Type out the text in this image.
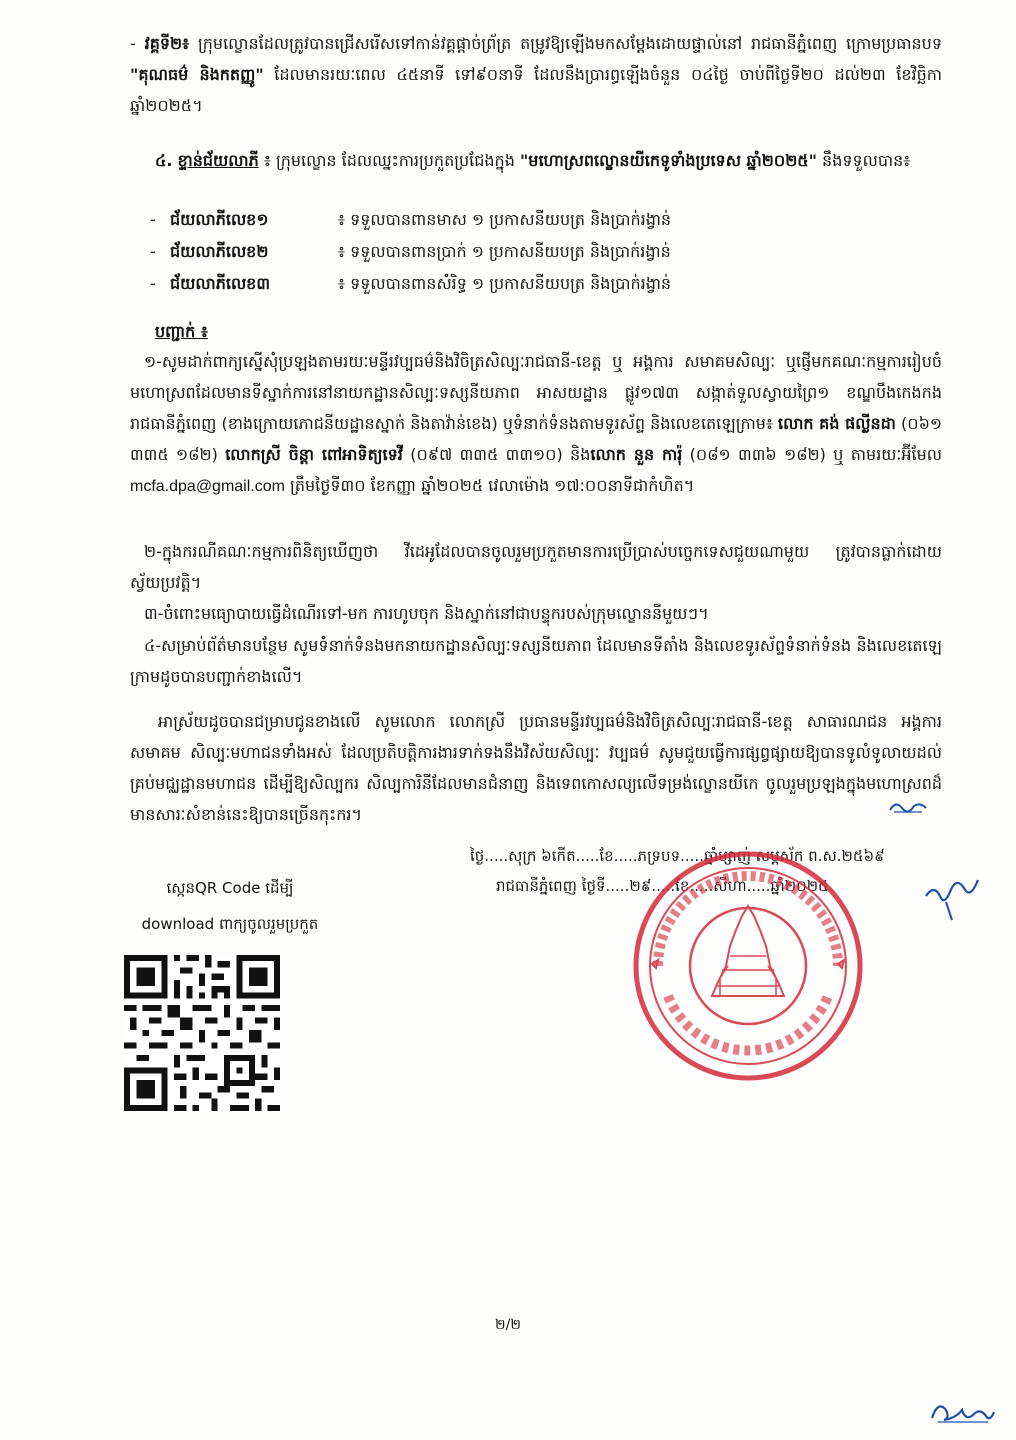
- វគ្គទី២៖ ក្រុមល្ខោនដែលត្រូវបានជ្រើសរើសទៅកាន់វគ្គផ្តាច់ព្រ័ត្រ តម្រូវឱ្យឡើងមកសម្តែងដោយផ្ទាល់នៅ រាជធានីភ្នំពេញ ក្រោមប្រធានបទ "គុណធម៌ និងកតញ្ញូ" ដែលមានរយៈពេល ៤៥នាទី ទៅ៩០នាទី ដែលនឹងប្រារព្ធឡើងចំនួន ០៤ថ្ងៃ ចាប់ពីថ្ងៃទី២០ ដល់២៣ ខែវិច្ឆិកា ឆ្នាំ២០២៥។
៤. ខ្ទាន់ជ័យលាភី ៖ ក្រុមល្ខោន ដែលឈ្នះការប្រកួតប្រជែងក្នុង "មហោស្រពល្ខោនយីកេទូទាំងប្រទេស ឆ្នាំ២០២៥" នឹងទទួលបាន៖
- ជ័យលាភីលេខ១	៖ ទទួលបានពានមាស ១ ប្រកាសនីយបត្រ និងប្រាក់រង្វាន់
- ជ័យលាភីលេខ២	៖ ទទួលបានពានប្រាក់ ១ ប្រកាសនីយបត្រ និងប្រាក់រង្វាន់
- ជ័យលាភីលេខ៣	៖ ទទួលបានពានសំរិទ្ធ ១ ប្រកាសនីយបត្រ និងប្រាក់រង្វាន់
បញ្ជាក់ ៖
១-សូមដាក់ពាក្យស្នើសុំប្រឡងតាមរយៈមន្ទីរវប្បធម៌និងវិចិត្រសិល្បៈរាជធានី-ខេត្ត ឬ អង្គការ សមាគមសិល្បៈ ឬផ្ញើមកគណៈកម្មការរៀបចំមហោស្រពដែលមានទីស្នាក់ការនៅនាយកដ្ឋានសិល្បៈទស្សនីយភាព អាសយដ្ឋាន ផ្លូវ១៧៣ សង្កាត់ទួលស្វាយព្រៃ១ ខណ្ឌបឹងកេងកង រាជធានីភ្នំពេញ (ខាងក្រោយភោជនីយដ្ឋានស្នាក់ និងតាវ៉ាន់ខេង) ឬទំនាក់ទំនងតាមទូរស័ព្ទ និងលេខតេឡេក្រាម៖ លោក គង់ ផល្លីនដា (០៦១ ៣៣៥ ១៨២) លោកស្រី ចិន្តា ពៅអាទិត្យទេវី (០៩៧ ៣៣៥ ៣៣១០) និងលោក នួន ការ៉ុ (០៨១ ៣៣៦ ១៨២) ឬ តាមរយៈអ៊ីមែល mcfa.dpa@gmail.com ត្រឹមថ្ងៃទី៣០ ខែកញ្ញា ឆ្នាំ២០២៥ វេលាម៉ោង ១៧:០០នាទីជាកំហិត។
២-ក្នុងករណីគណៈកម្មការពិនិត្យឃើញថា វីដេអូដែលបានចូលរួមប្រកួតមានការប្រើប្រាស់បច្ចេកទេសជួយណាមួយ ត្រូវបានធ្លាក់ដោយស្វ័យប្រវត្តិ។
៣-ចំពោះមធ្យោបាយធ្វើដំណើរទៅ-មក ការហូបចុក និងស្នាក់នៅជាបន្ទុករបស់ក្រុមល្ខោននីមួយៗ។
៤-សម្រាប់ព័ត៌មានបន្ថែម សូមទំនាក់ទំនងមកនាយកដ្ឋានសិល្បៈទស្សនីយភាព ដែលមានទីតាំង និងលេខទូរស័ព្ទទំនាក់ទំនង និងលេខតេឡេក្រាមដូចបានបញ្ជាក់ខាងលើ។
អាស្រ័យដូចបានជម្រាបជូនខាងលើ សូមលោក លោកស្រី ប្រធានមន្ទីរវប្បធម៌និងវិចិត្រសិល្បៈរាជធានី-ខេត្ត សាធារណជន អង្គការ សមាគម សិល្បៈមហាជនទាំងអស់ ដែលប្រតិបត្តិការងារទាក់ទងនឹងវិស័យសិល្បៈ វប្បធម៌ សូមជួយធ្វើការផ្សព្វផ្សាយឱ្យបានទូលំទូលាយដល់គ្រប់មជ្ឈដ្ឋានមហាជន ដើម្បីឱ្យសិល្បករ សិល្បការិនីដែលមានជំនាញ និងទេពកោសល្យលើទម្រង់ល្ខោនយីកេ ចូលរួមប្រឡងក្នុងមហោស្រពដ៏មានសារៈសំខាន់នេះឱ្យបានច្រើនកុះករ។
ថ្ងៃ.....សុក្រ ៦កើត.....ខែ.....ភទ្របទ.....ឆ្នាំម្សាញ់ សប្តស័ក ព.ស.២៥៦៩
រាជធានីភ្នំពេញ ថ្ងៃទី.....២៩.....ខែ.....សីហា.....ឆ្នាំ២០២៥
ស្កេនQR Code ដើម្បី
download ពាក្យចូលរួមប្រកួត
២/២
